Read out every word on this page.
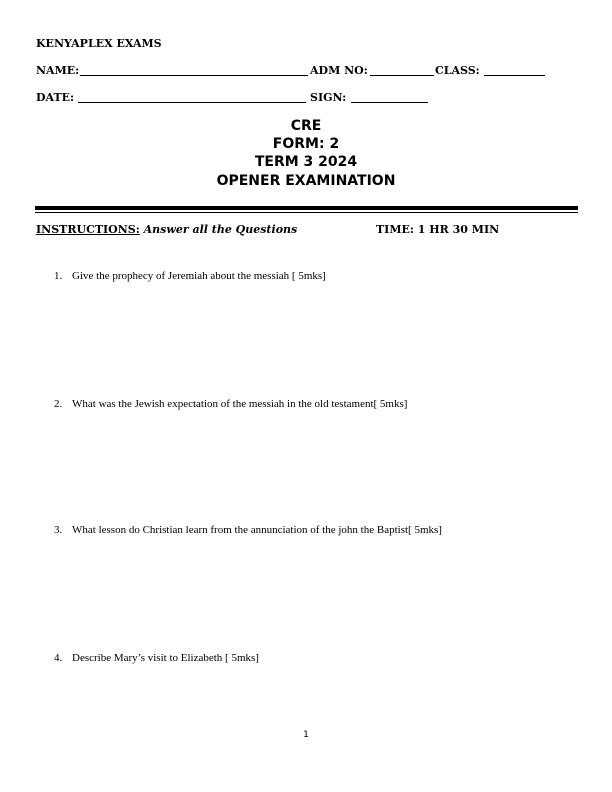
KENYAPLEX EXAMS
NAME:	ADM NO:	CLASS:
DATE:	SIGN:
CRE
FORM: 2
TERM 3 2024
OPENER EXAMINATION
INSTRUCTIONS: Answer all the Questions	TIME: 1 HR 30 MIN
1. Give the prophecy of Jeremiah about the messiah [ 5mks]
2. What was the Jewish expectation of the messiah in the old testament[ 5mks]
3. What lesson do Christian learn from the annunciation of the john the Baptist[ 5mks]
4. Describe Mary’s visit to Elizabeth [ 5mks]
1
